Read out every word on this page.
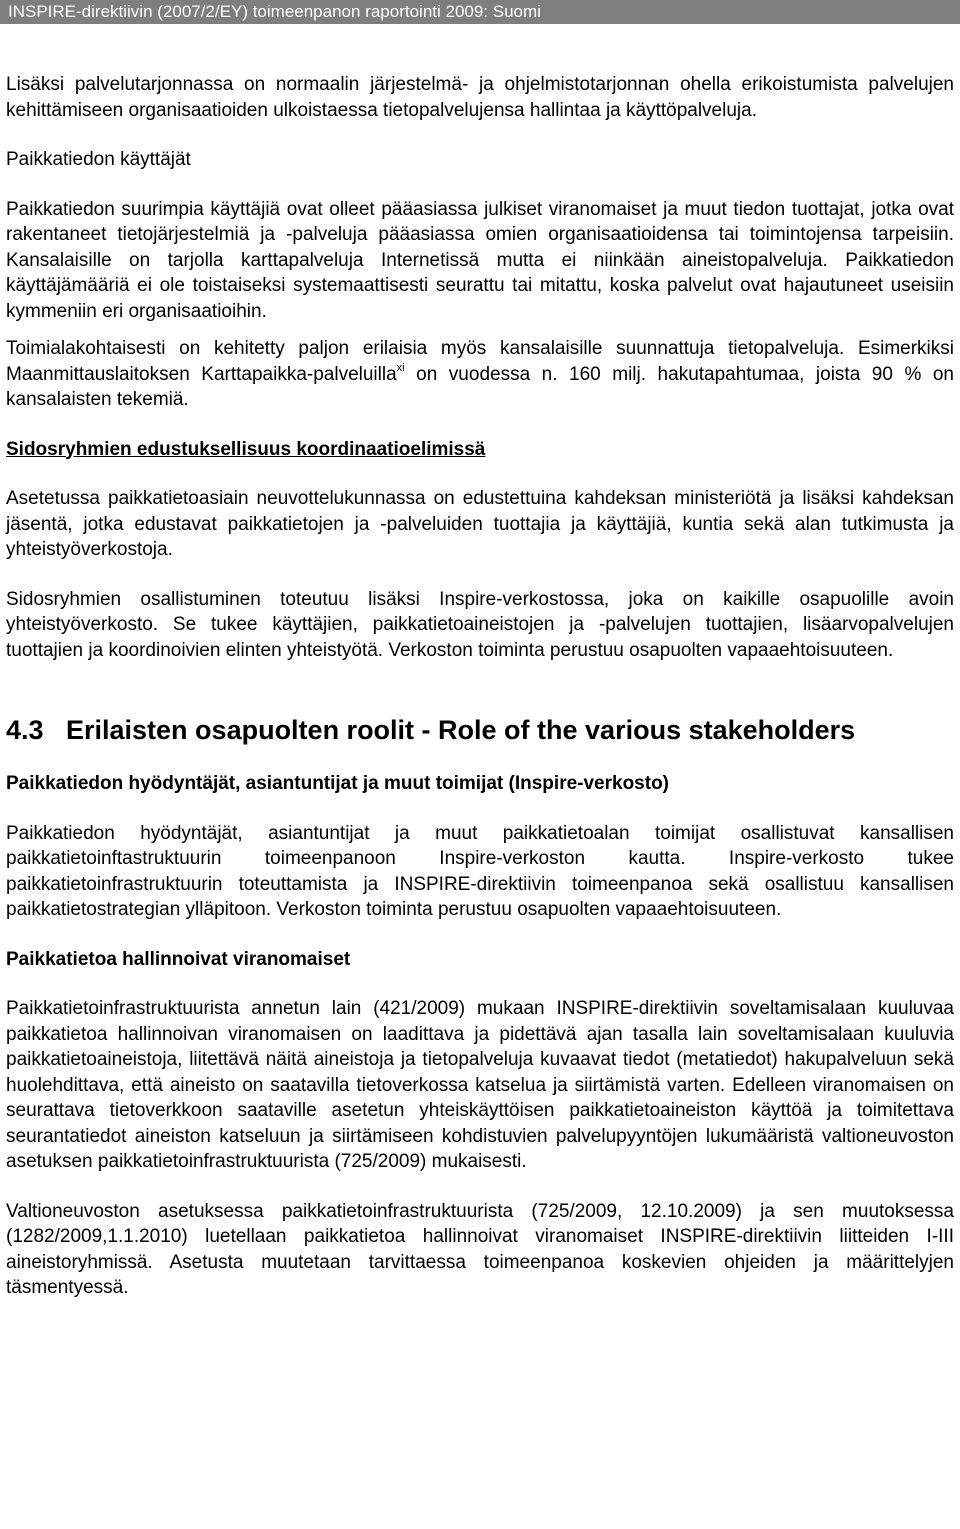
INSPIRE-direktiivin (2007/2/EY) toimeenpanon raportointi 2009: Suomi

Lisäksi palvelutarjonnassa on normaalin järjestelmä- ja ohjelmistotarjonnan ohella erikoistumista palvelujen kehittämiseen organisaatioiden ulkoistaessa tietopalvelujensa hallintaa ja käyttöpalveluja.

Paikkatiedon käyttäjät

Paikkatiedon suurimpia käyttäjiä ovat olleet pääasiassa julkiset viranomaiset ja muut tiedon tuottajat, jotka ovat rakentaneet tietojärjestelmiä ja -palveluja pääasiassa omien organisaatioidensa tai toimintojensa tarpeisiin. Kansalaisille on tarjolla karttapalveluja Internetissä mutta ei niinkään aineistopalveluja. Paikkatiedon käyttäjämääriä ei ole toistaiseksi systemaattisesti seurattu tai mitattu, koska palvelut ovat hajautuneet useisiin kymmeniin eri organisaatioihin.

Toimialakohtaisesti on kehitetty paljon erilaisia myös kansalaisille suunnattuja tietopalveluja. Esimerkiksi Maanmittauslaitoksen Karttapaikka-palveluilla$^{xi}$ on vuodessa n. 160 milj. hakutapahtumaa, joista 90 % on kansalaisten tekemiä.

Sidosryhmien edustuksellisuus koordinaatioelimissä

Asetetussa paikkatietoasiain neuvottelukunnassa on edustettuina kahdeksan ministeriötä ja lisäksi kahdeksan jäsentä, jotka edustavat paikkatietojen ja -palveluiden tuottajia ja käyttäjiä, kuntia sekä alan tutkimusta ja yhteistyöverkostoja.

Sidosryhmien osallistuminen toteutuu lisäksi Inspire-verkostossa, joka on kaikille osapuolille avoin yhteistyöverkosto. Se tukee käyttäjien, paikkatietoaineistojen ja -palvelujen tuottajien, lisäarvopalvelujen tuottajien ja koordinoivien elinten yhteistyötä. Verkoston toiminta perustuu osapuolten vapaaehtoisuuteen.

4.3 Erilaisten osapuolten roolit - Role of the various stakeholders
Paikkatiedon hyödyntäjät, asiantuntijat ja muut toimijat (Inspire-verkosto)

Paikkatiedon hyödyntäjät, asiantuntijat ja muut paikkatietoalan toimijat osallistuvat kansallisen paikkatietoinftastruktuurin toimeenpanoon Inspire-verkoston kautta. Inspire-verkosto tukee paikkatietoinfrastruktuurin toteuttamista ja INSPIRE-direktiivin toimeenpanoa sekä osallistuu kansallisen paikkatietostrategian ylläpitoon. Verkoston toiminta perustuu osapuolten vapaaehtoisuuteen.

Paikkatietoa hallinnoivat viranomaiset

Paikkatietoinfrastruktuurista annetun lain (421/2009) mukaan INSPIRE-direktiivin soveltamisalaan kuuluvaa paikkatietoa hallinnoivan viranomaisen on laadittava ja pidettävä ajan tasalla lain soveltamisalaan kuuluvia paikkatietoaineistoja, liitettävä näitä aineistoja ja tietopalveluja kuvaavat tiedot (metatiedot) hakupalveluun sekä huolehdittava, että aineisto on saatavilla tietoverkossa katselua ja siirtämistä varten. Edelleen viranomaisen on seurattava tietoverkkoon saataville asetetun yhteiskäyttöisen paikkatietoaineiston käyttöä ja toimitettava seurantatiedot aineiston katseluun ja siirtämiseen kohdistuvien palvelupyyntöjen lukumääristä valtioneuvoston asetuksen paikkatietoinfrastruktuurista (725/2009) mukaisesti.

Valtioneuvoston asetuksessa paikkatietoinfrastruktuurista (725/2009, 12.10.2009) ja sen muutoksessa (1282/2009,1.1.2010) luetellaan paikkatietoa hallinnoivat viranomaiset INSPIRE-direktiivin liitteiden I-III aineistoryhmissä. Asetusta muutetaan tarvittaessa toimeenpanoa koskevien ohjeiden ja määrittelyjen täsmentyessä.
